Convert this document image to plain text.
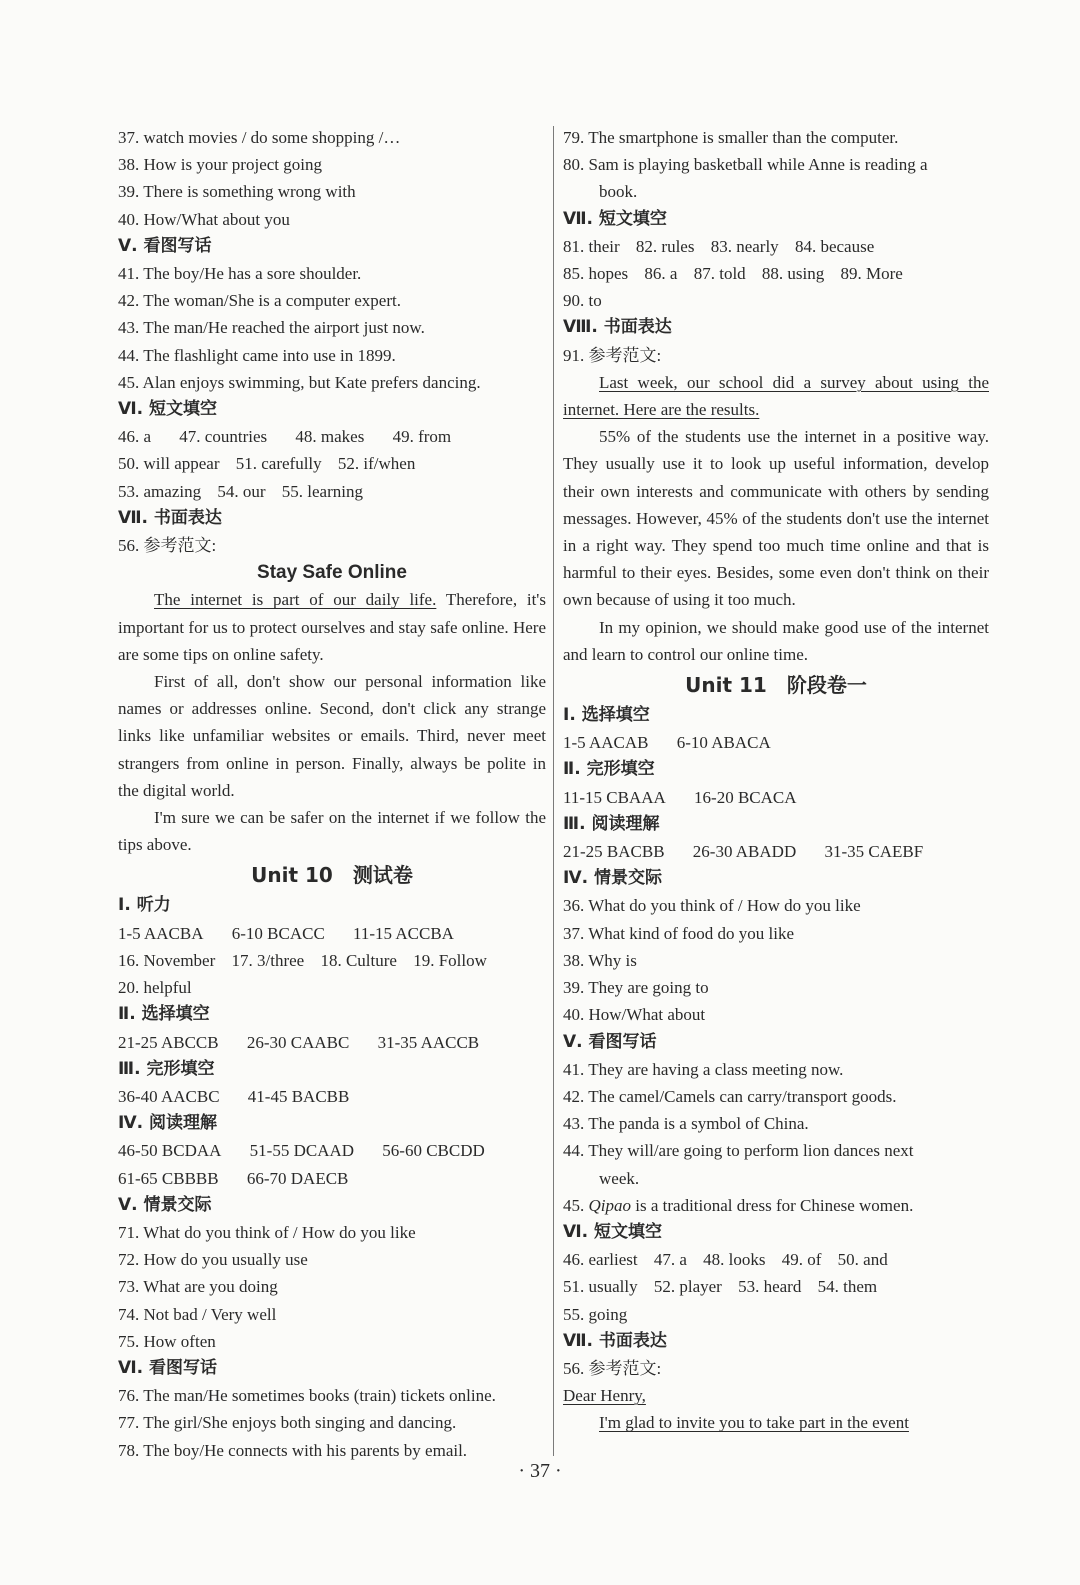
37. watch movies / do some shopping /…
38. How is your project going
39. There is something wrong with
40. How/What about you
Ⅴ. 看图写话
41. The boy/He has a sore shoulder.
42. The woman/She is a computer expert.
43. The man/He reached the airport just now.
44. The flashlight came into use in 1899.
45. Alan enjoys swimming, but Kate prefers dancing.
Ⅵ. 短文填空
46. a 47. countries 48. makes 49. from
50. will appear 51. carefully 52. if/when
53. amazing 54. our 55. learning
Ⅶ. 书面表达
56. 参考范文:
Stay Safe Online
The internet is part of our daily life. Therefore, it's important for us to protect ourselves and stay safe online. Here are some tips on online safety.
First of all, don't show our personal information like names or addresses online. Second, don't click any strange links like unfamiliar websites or emails. Third, never meet strangers from online in person. Finally, always be polite in the digital world.
I'm sure we can be safer on the internet if we follow the tips above.
Unit 10 测试卷
Ⅰ. 听力
1-5 AACBA 6-10 BCACC 11-15 ACCBA
16. November 17. 3/three 18. Culture 19. Follow
20. helpful
Ⅱ. 选择填空
21-25 ABCCB 26-30 CAABC 31-35 AACCB
Ⅲ. 完形填空
36-40 AACBC 41-45 BACBB
Ⅳ. 阅读理解
46-50 BCDAA 51-55 DCAAD 56-60 CBCDD
61-65 CBBBB 66-70 DAECB
Ⅴ. 情景交际
71. What do you think of / How do you like
72. How do you usually use
73. What are you doing
74. Not bad / Very well
75. How often
Ⅵ. 看图写话
76. The man/He sometimes books (train) tickets online.
77. The girl/She enjoys both singing and dancing.
78. The boy/He connects with his parents by email.
79. The smartphone is smaller than the computer.
80. Sam is playing basketball while Anne is reading a
book.
Ⅶ. 短文填空
81. their 82. rules 83. nearly 84. because
85. hopes 86. a 87. told 88. using 89. More
90. to
Ⅷ. 书面表达
91. 参考范文:
Last week, our school did a survey about using the internet. Here are the results.
55% of the students use the internet in a positive way. They usually use it to look up useful information, develop their own interests and communicate with others by sending messages. However, 45% of the students don't use the internet in a right way. They spend too much time online and that is harmful to their eyes. Besides, some even don't think on their own because of using it too much.
In my opinion, we should make good use of the internet and learn to control our online time.
Unit 11 阶段卷一
Ⅰ. 选择填空
1-5 AACAB 6-10 ABACA
Ⅱ. 完形填空
11-15 CBAAA 16-20 BCACA
Ⅲ. 阅读理解
21-25 BACBB 26-30 ABADD 31-35 CAEBF
Ⅳ. 情景交际
36. What do you think of / How do you like
37. What kind of food do you like
38. Why is
39. They are going to
40. How/What about
Ⅴ. 看图写话
41. They are having a class meeting now.
42. The camel/Camels can carry/transport goods.
43. The panda is a symbol of China.
44. They will/are going to perform lion dances next
week.
45. Qipao is a traditional dress for Chinese women.
Ⅵ. 短文填空
46. earliest 47. a 48. looks 49. of 50. and
51. usually 52. player 53. heard 54. them
55. going
Ⅶ. 书面表达
56. 参考范文:
Dear Henry,
I'm glad to invite you to take part in the event
· 37 ·
